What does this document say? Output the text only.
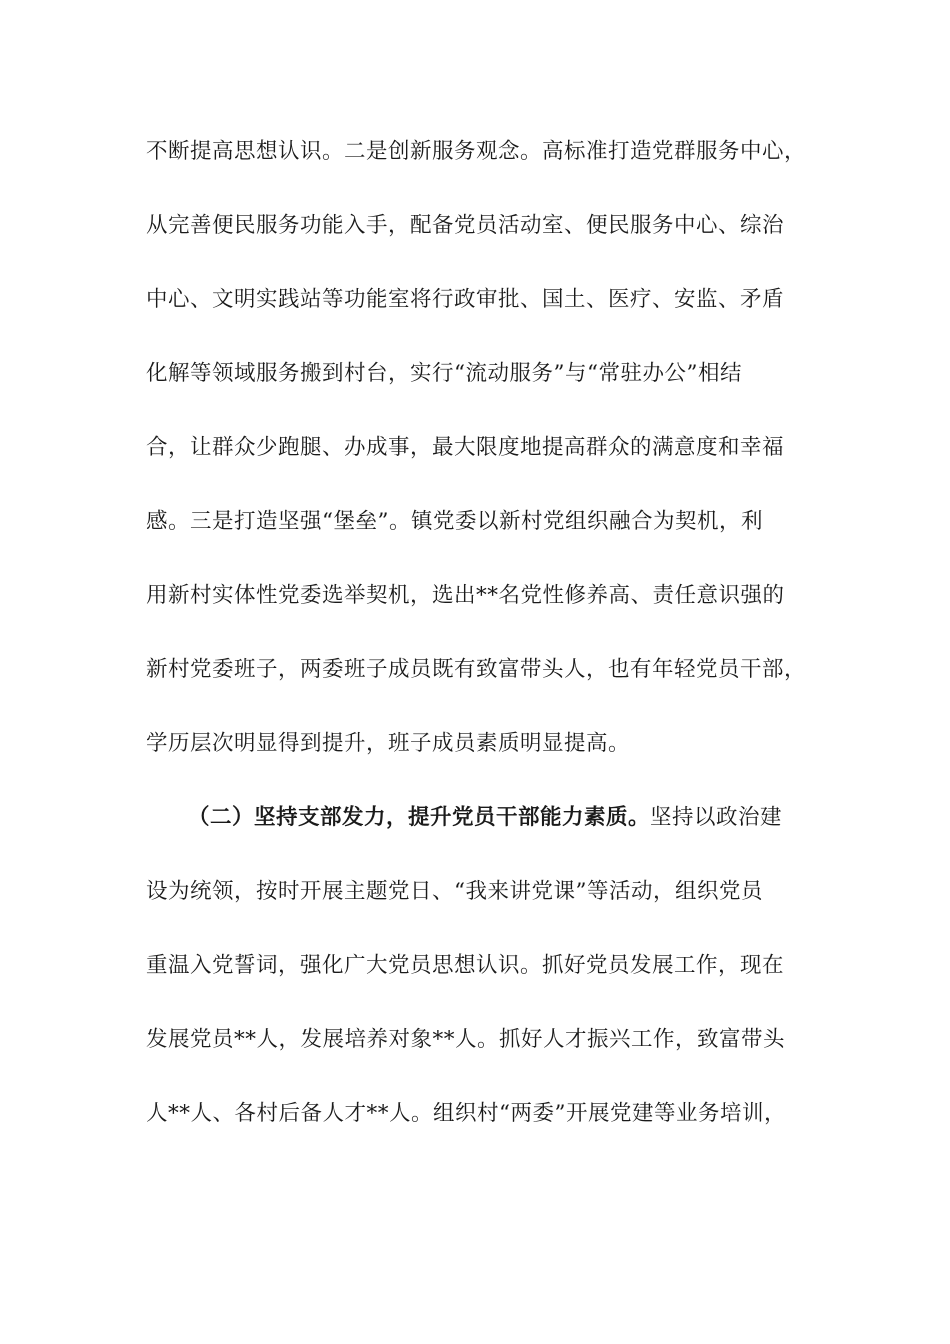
不断提高思想认识。二是创新服务观念。高标准打造党群服务中心，
从完善便民服务功能入手，配备党员活动室、便民服务中心、综治
中心、文明实践站等功能室将行政审批、国土、医疗、安监、矛盾
化解等领域服务搬到村台，实行“流动服务”与“常驻办公”相结
合，让群众少跑腿、办成事，最大限度地提高群众的满意度和幸福
感。三是打造坚强“堡垒”。镇党委以新村党组织融合为契机，利
用新村实体性党委选举契机，选出**名党性修养高、责任意识强的
新村党委班子，两委班子成员既有致富带头人，也有年轻党员干部，
学历层次明显得到提升，班子成员素质明显提高。
（二）坚持支部发力，提升党员干部能力素质。坚持以政治建
设为统领，按时开展主题党日、“我来讲党课”等活动，组织党员
重温入党誓词，强化广大党员思想认识。抓好党员发展工作，现在
发展党员**人，发展培养对象**人。抓好人才振兴工作，致富带头
人**人、各村后备人才**人。组织村“两委”开展党建等业务培训，
